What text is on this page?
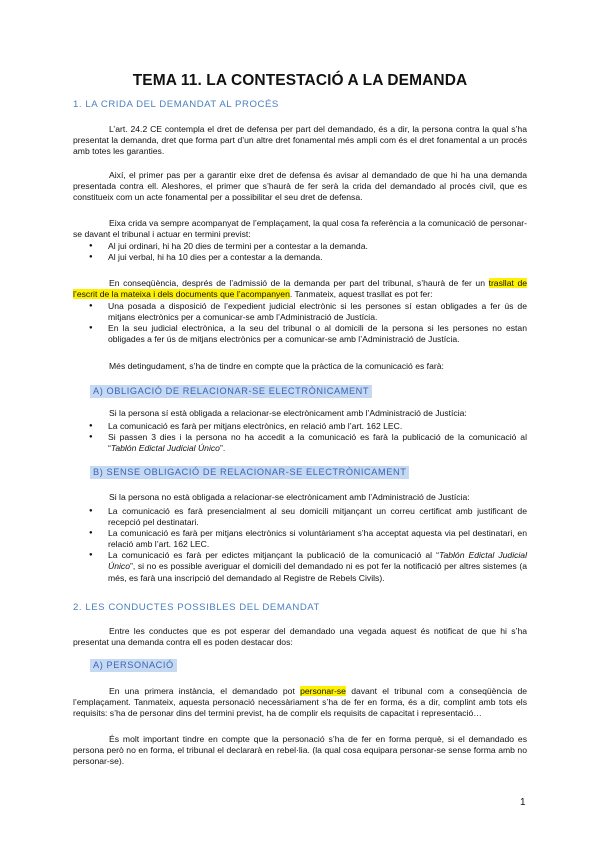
TEMA 11. LA CONTESTACIÓ A LA DEMANDA
1. LA CRIDA DEL DEMANDAT AL PROCÉS

L’art. 24.2 CE contempla el dret de defensa per part del demandado, és a dir, la persona contra la qual s’ha presentat la demanda, dret que forma part d’un altre dret fonamental més ampli com és el dret fonamental a un procés amb totes les garanties.

Així, el primer pas per a garantir eixe dret de defensa és avisar al demandado de que hi ha una demanda presentada contra ell. Aleshores, el primer que s’haurà de fer serà la crida del demandado al procés civil, que es constitueix com un acte fonamental per a possibilitar el seu dret de defensa.

Eixa crida va sempre acompanyat de l’emplaçament, la qual cosa fa referència a la comunicació de personar-se davant el tribunal i actuar en termini previst:

● Al jui ordinari, hi ha 20 dies de termini per a contestar a la demanda.
● Al jui verbal, hi ha 10 dies per a contestar a la demanda.

En conseqüència, després de l’admissió de la demanda per part del tribunal, s’haurà de fer un trasllat de l’escrit de la mateixa i dels documents que l’acompanyen. Tanmateix, aquest trasllat es pot fer:

● Una posada a disposició de l’expedient judicial electrònic si les persones sí estan obligades a fer ús de mitjans electrònics per a comunicar-se amb l’Administració de Justícia.
● En la seu judicial electrònica, a la seu del tribunal o al domicili de la persona si les persones no estan obligades a fer ús de mitjans electrònics per a comunicar-se amb l’Administració de Justícia.

Més detingudament, s’ha de tindre en compte que la pràctica de la comunicació es farà:

A) OBLIGACIÓ DE RELACIONAR-SE ELECTRÒNICAMENT

Si la persona sí està obligada a relacionar-se electrònicament amb l’Administració de Justícia:

● La comunicació es farà per mitjans electrònics, en relació amb l’art. 162 LEC.
● Si passen 3 dies i la persona no ha accedit a la comunicació es farà la publicació de la comunicació al “Tablón Edictal Judicial Único”.
B) SENSE OBLIGACIÓ DE RELACIONAR-SE ELECTRÒNICAMENT

Si la persona no està obligada a relacionar-se electrònicament amb l’Administració de Justícia:

● La comunicació es farà presencialment al seu domicili mitjançant un correu certificat amb justificant de recepció pel destinatari.
● La comunicació es farà per mitjans electrònics si voluntàriament s’ha acceptat aquesta via pel destinatari, en relació amb l’art. 162 LEC.
● La comunicació es farà per edictes mitjançant la publicació de la comunicació al “Tablón Edictal Judicial Único”, si no es possible averiguar el domicili del demandado ni es pot fer la notificació per altres sistemes (a més, es farà una inscripció del demandado al Registre de Rebels Civils).
2. LES CONDUCTES POSSIBLES DEL DEMANDAT

Entre les conductes que es pot esperar del demandado una vegada aquest és notificat de que hi s’ha presentat una demanda contra ell es poden destacar dos:

A) PERSONACIÓ

En una primera instància, el demandado pot personar-se davant el tribunal com a conseqüència de l’emplaçament. Tanmateix, aquesta personació necessàriament s’ha de fer en forma, és a dir, complint amb tots els requisits: s’ha de personar dins del termini previst, ha de complir els requisits de capacitat i representació…

És molt important tindre en compte que la personació s’ha de fer en forma perquè, si el demandado es persona però no en forma, el tribunal el declararà en rebel·lia. (la qual cosa equipara personar-se sense forma amb no personar-se).

1
